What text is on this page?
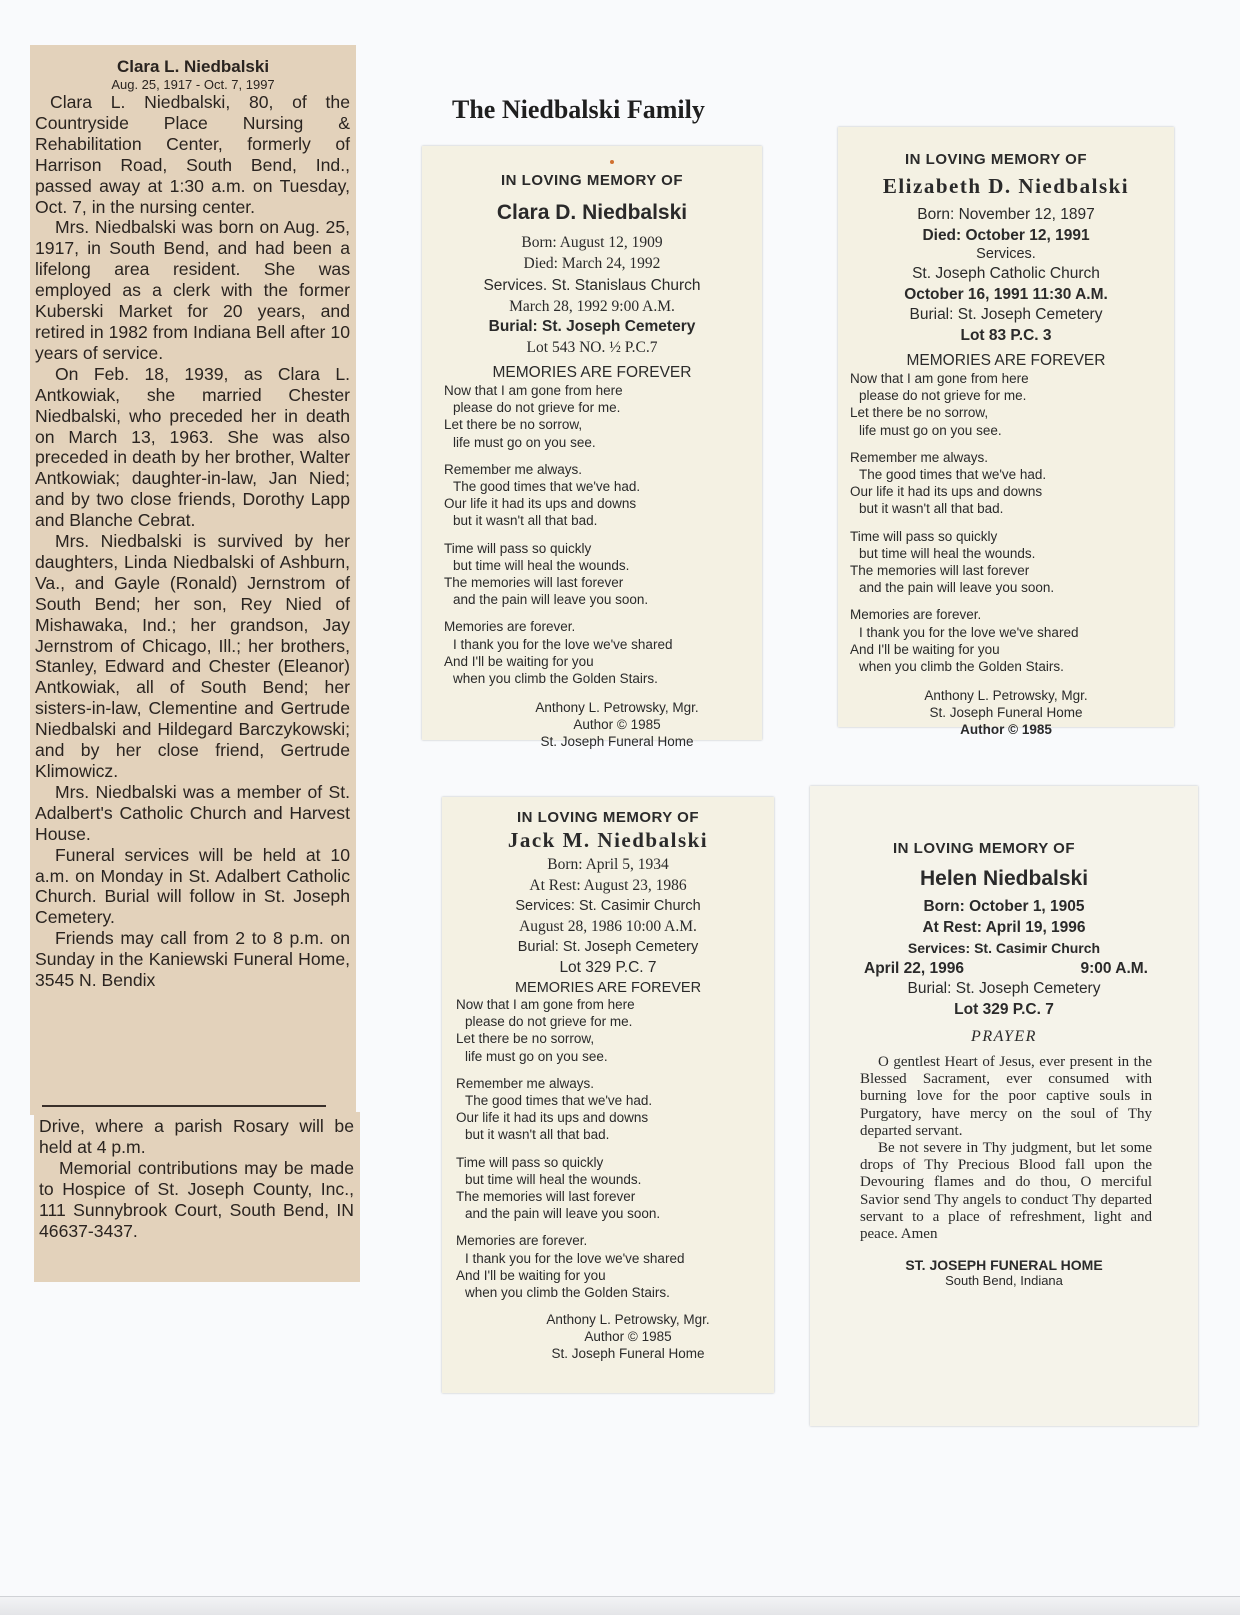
Clara L. Niedbalski
Aug. 25, 1917 - Oct. 7, 1997

Clara L. Niedbalski, 80, of the Countryside Place Nursing & Rehabilitation Center, formerly of Harrison Road, South Bend, Ind., passed away at 1:30 a.m. on Tuesday, Oct. 7, in the nursing center.

Mrs. Niedbalski was born on Aug. 25, 1917, in South Bend, and had been a lifelong area resident. She was employed as a clerk with the former Kuberski Market for 20 years, and retired in 1982 from Indiana Bell after 10 years of service.

On Feb. 18, 1939, as Clara L. Antkowiak, she married Chester Niedbalski, who preceded her in death on March 13, 1963. She was also preceded in death by her brother, Walter Antkowiak; daughter-in-law, Jan Nied; and by two close friends, Dorothy Lapp and Blanche Cebrat.

Mrs. Niedbalski is survived by her daughters, Linda Niedbalski of Ashburn, Va., and Gayle (Ronald) Jernstrom of South Bend; her son, Rey Nied of Mishawaka, Ind.; her grandson, Jay Jernstrom of Chicago, Ill.; her brothers, Stanley, Edward and Chester (Eleanor) Antkowiak, all of South Bend; her sisters-in-law, Clementine and Gertrude Niedbalski and Hildegard Barczykowski; and by her close friend, Gertrude Klimowicz.

Mrs. Niedbalski was a member of St. Adalbert's Catholic Church and Harvest House.

Funeral services will be held at 10 a.m. on Monday in St. Adalbert Catholic Church. Burial will follow in St. Joseph Cemetery.

Friends may call from 2 to 8 p.m. on Sunday in the Kaniewski Funeral Home, 3545 N. Bendix

Drive, where a parish Rosary will be held at 4 p.m.

Memorial contributions may be made to Hospice of St. Joseph County, Inc., 111 Sunnybrook Court, South Bend, IN 46637-3437.

The Niedbalski Family
IN LOVING MEMORY OF
Clara D. Niedbalski
Born: August 12, 1909
Died: March 24, 1992
Services. St. Stanislaus Church
March 28, 1992 9:00 A.M.
Burial: St. Joseph Cemetery
Lot 543 NO. ½ P.C.7
MEMORIES ARE FOREVER
Now that I am gone from here
please do not grieve for me.
Let there be no sorrow,
life must go on you see.
Remember me always.
The good times that we've had.
Our life it had its ups and downs
but it wasn't all that bad.
Time will pass so quickly
but time will heal the wounds.
The memories will last forever
and the pain will leave you soon.
Memories are forever.
I thank you for the love we've shared
And I'll be waiting for you
when you climb the Golden Stairs.
Anthony L. Petrowsky, Mgr.
Author © 1985
St. Joseph Funeral Home
IN LOVING MEMORY OF
Elizabeth D. Niedbalski
Born: November 12, 1897
Died: October 12, 1991
Services.
St. Joseph Catholic Church
October 16, 1991 11:30 A.M.
Burial: St. Joseph Cemetery
Lot 83 P.C. 3
MEMORIES ARE FOREVER
Now that I am gone from here
please do not grieve for me.
Let there be no sorrow,
life must go on you see.
Remember me always.
The good times that we've had.
Our life it had its ups and downs
but it wasn't all that bad.
Time will pass so quickly
but time will heal the wounds.
The memories will last forever
and the pain will leave you soon.
Memories are forever.
I thank you for the love we've shared
And I'll be waiting for you
when you climb the Golden Stairs.
Anthony L. Petrowsky, Mgr.
St. Joseph Funeral Home
Author © 1985
IN LOVING MEMORY OF
Jack M. Niedbalski
Born: April 5, 1934
At Rest: August 23, 1986
Services: St. Casimir Church
August 28, 1986 10:00 A.M.
Burial: St. Joseph Cemetery
Lot 329 P.C. 7
MEMORIES ARE FOREVER
Now that I am gone from here
please do not grieve for me.
Let there be no sorrow,
life must go on you see.
Remember me always.
The good times that we've had.
Our life it had its ups and downs
but it wasn't all that bad.
Time will pass so quickly
but time will heal the wounds.
The memories will last forever
and the pain will leave you soon.
Memories are forever.
I thank you for the love we've shared
And I'll be waiting for you
when you climb the Golden Stairs.
Anthony L. Petrowsky, Mgr.
Author © 1985
St. Joseph Funeral Home
IN LOVING MEMORY OF
Helen Niedbalski
Born: October 1, 1905
At Rest: April 19, 1996
Services: St. Casimir Church
April 22, 1996	9:00 A.M.
Burial: St. Joseph Cemetery
Lot 329 P.C. 7
PRAYER

O gentlest Heart of Jesus, ever present in the Blessed Sacrament, ever consumed with burning love for the poor captive souls in Purgatory, have mercy on the soul of Thy departed servant.

Be not severe in Thy judgment, but let some drops of Thy Precious Blood fall upon the Devouring flames and do thou, O merciful Savior send Thy angels to conduct Thy departed servant to a place of refreshment, light and peace. Amen

ST. JOSEPH FUNERAL HOME
South Bend, Indiana
